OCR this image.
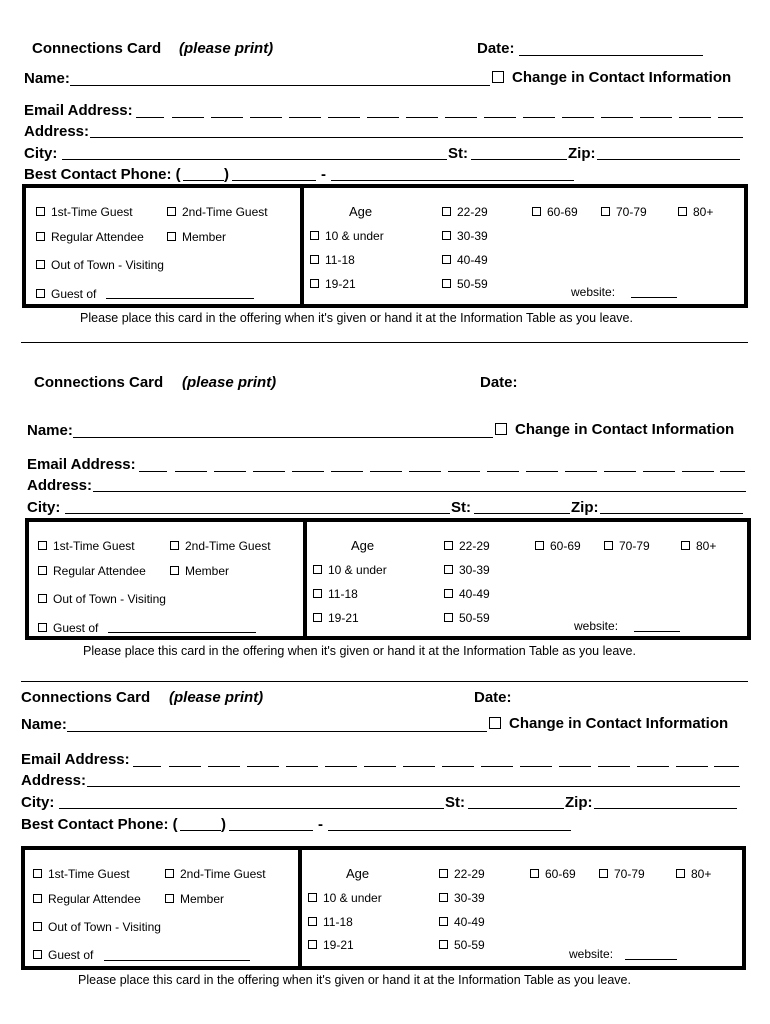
Connections Card (please print)	Date:
Name:	Change in Contact Information
Email Address:
Address:
City:	St:	Zip:
Best Contact Phone: (	)	-
1st-Time Guest	2nd-Time Guest
Regular Attendee	Member
Out of Town - Visiting
Guest of
Age
10 & under
11-18
19-21
22-29
30-39
40-49
50-59
60-69	70-79	80+
website:
Please place this card in the offering when it's given or hand it at the Information Table as you leave.
Connections Card (please print)	Date:
Name:	Change in Contact Information
Email Address:
Address:
City:	St:	Zip:
1st-Time Guest	2nd-Time Guest
Regular Attendee	Member
Out of Town - Visiting
Guest of
Age
10 & under
11-18
19-21
22-29
30-39
40-49
50-59
60-69	70-79	80+
website:
Please place this card in the offering when it's given or hand it at the Information Table as you leave.
Connections Card (please print)	Date:
Name:	Change in Contact Information
Email Address:
Address:
City:	St:	Zip:
Best Contact Phone: (	)	-
1st-Time Guest	2nd-Time Guest
Regular Attendee	Member
Out of Town - Visiting
Guest of
Age
10 & under
11-18
19-21
22-29
30-39
40-49
50-59
60-69	70-79	80+
website:
Please place this card in the offering when it's given or hand it at the Information Table as you leave.
